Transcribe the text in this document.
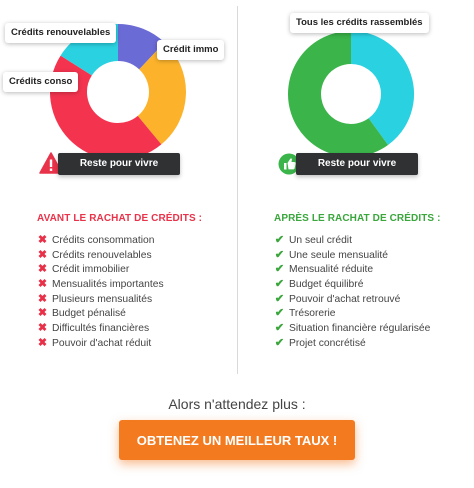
Crédits renouvelables
Crédit immo
Crédits conso
Reste pour vivre
Tous les crédits rassemblés
Reste pour vivre
AVANT LE RACHAT DE CRÉDITS :
✖ Crédits consommation
✖ Crédits renouvelables
✖ Crédit immobilier
✖ Mensualités importantes
✖ Plusieurs mensualités
✖ Budget pénalisé
✖ Difficultés financières
✖ Pouvoir d'achat réduit
APRÈS LE RACHAT DE CRÉDITS :
✔ Un seul crédit
✔ Une seule mensualité
✔ Mensualité réduite
✔ Budget équilibré
✔ Pouvoir d'achat retrouvé
✔ Trésorerie
✔ Situation financière régularisée
✔ Projet concrétisé
Alors n'attendez plus :
OBTENEZ UN MEILLEUR TAUX !
